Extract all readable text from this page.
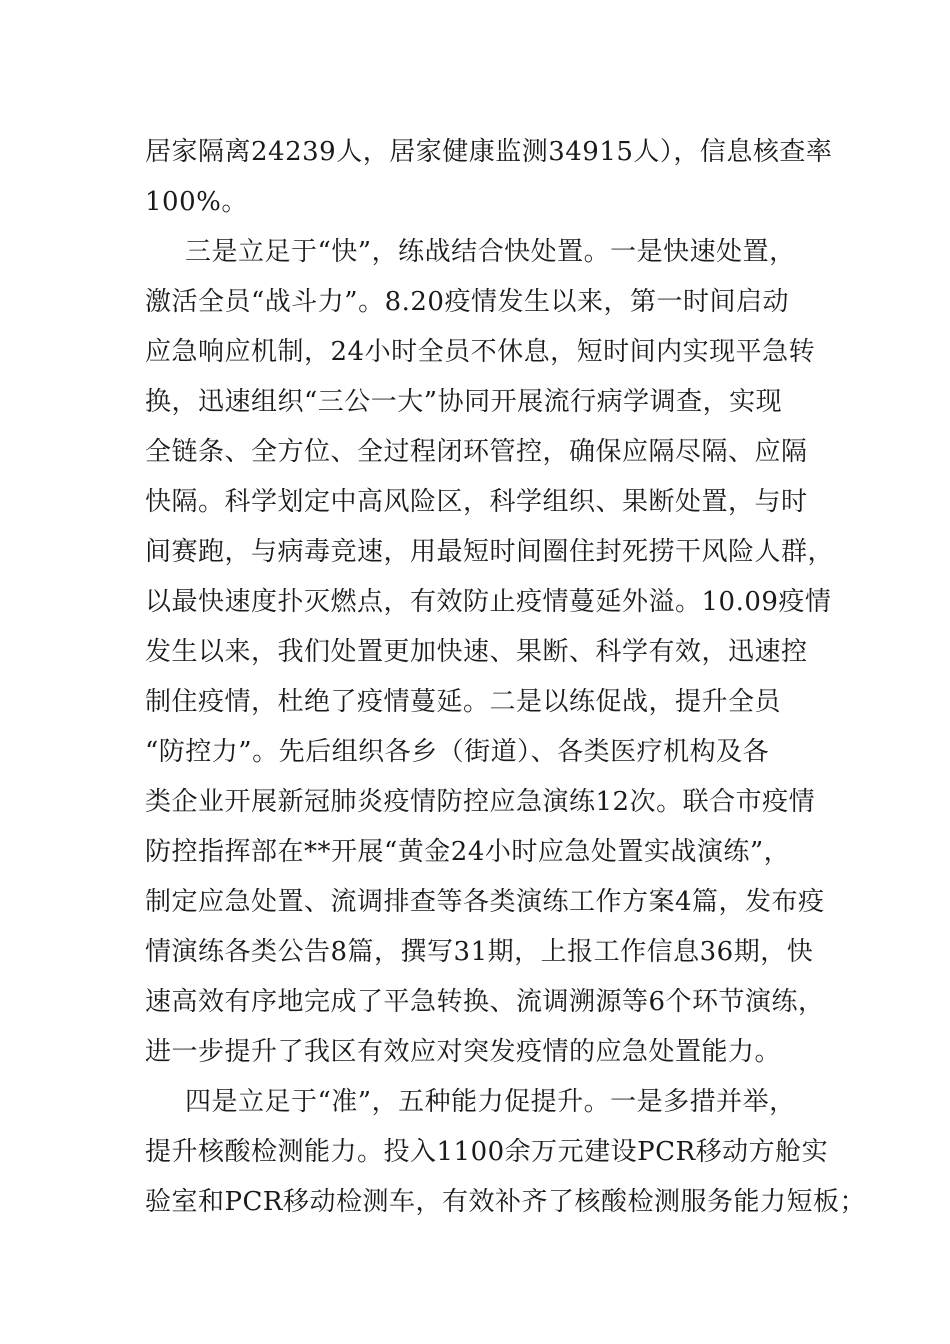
居家隔离24239人，居家健康监测34915人），信息核查率
100%。
三是立足于“快”，练战结合快处置。一是快速处置，
激活全员“战斗力”。8.20疫情发生以来，第一时间启动
应急响应机制，24小时全员不休息，短时间内实现平急转
换，迅速组织“三公一大”协同开展流行病学调查，实现
全链条、全方位、全过程闭环管控，确保应隔尽隔、应隔
快隔。科学划定中高风险区，科学组织、果断处置，与时
间赛跑，与病毒竞速，用最短时间圈住封死捞干风险人群，
以最快速度扑灭燃点，有效防止疫情蔓延外溢。10.09疫情
发生以来，我们处置更加快速、果断、科学有效，迅速控
制住疫情，杜绝了疫情蔓延。二是以练促战，提升全员
“防控力”。先后组织各乡（街道）、各类医疗机构及各
类企业开展新冠肺炎疫情防控应急演练12次。联合市疫情
防控指挥部在**开展“黄金24小时应急处置实战演练”，
制定应急处置、流调排查等各类演练工作方案4篇，发布疫
情演练各类公告8篇，撰写31期，上报工作信息36期，快
速高效有序地完成了平急转换、流调溯源等6个环节演练，
进一步提升了我区有效应对突发疫情的应急处置能力。
四是立足于“准”，五种能力促提升。一是多措并举，
提升核酸检测能力。投入1100余万元建设PCR移动方舱实
验室和PCR移动检测车，有效补齐了核酸检测服务能力短板；
